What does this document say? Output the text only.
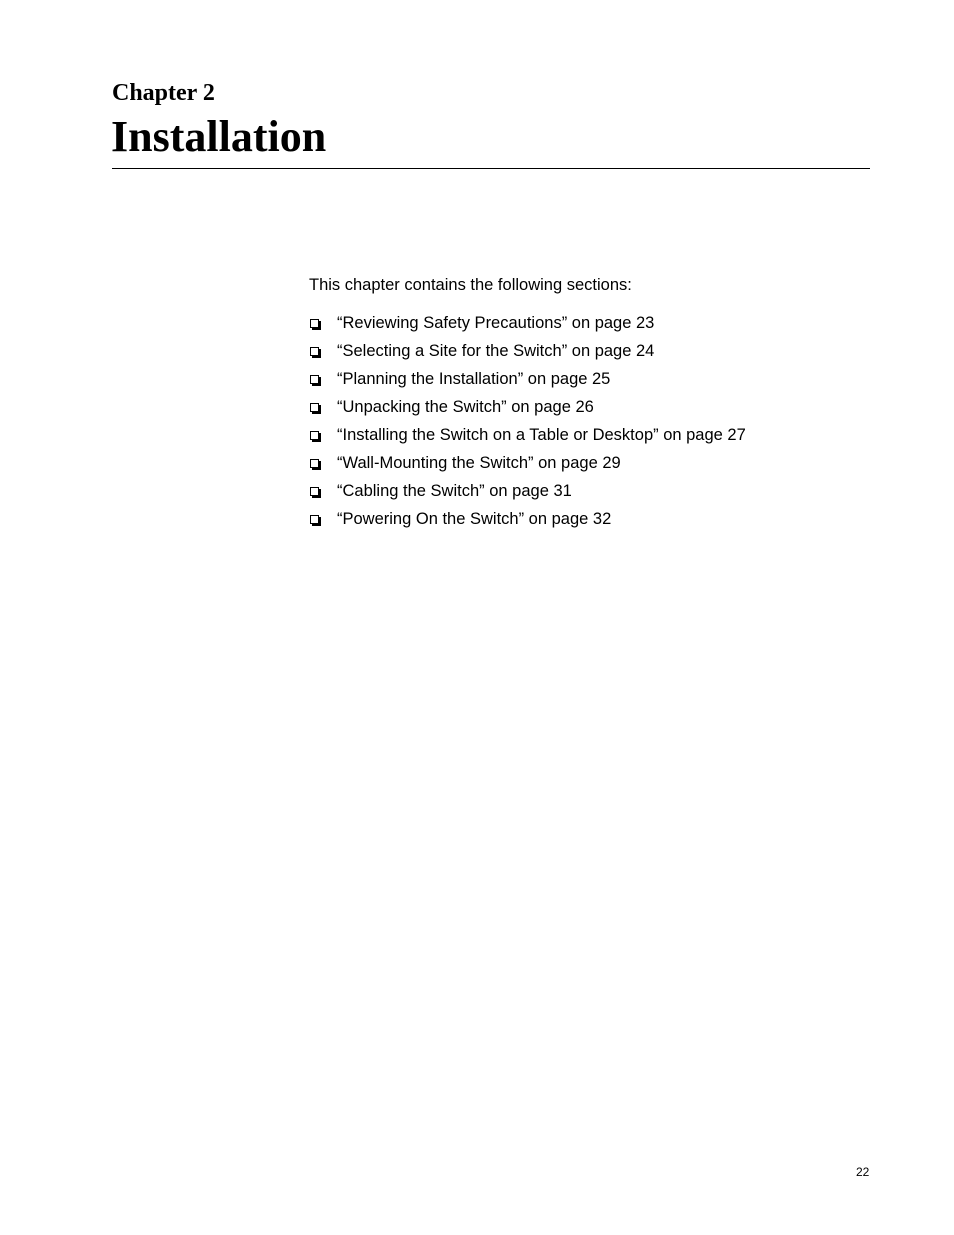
Chapter 2
Installation

This chapter contains the following sections:

“Reviewing Safety Precautions” on page 23
“Selecting a Site for the Switch” on page 24
“Planning the Installation” on page 25
“Unpacking the Switch” on page 26
“Installing the Switch on a Table or Desktop” on page 27
“Wall-Mounting the Switch” on page 29
“Cabling the Switch” on page 31
“Powering On the Switch” on page 32

22
